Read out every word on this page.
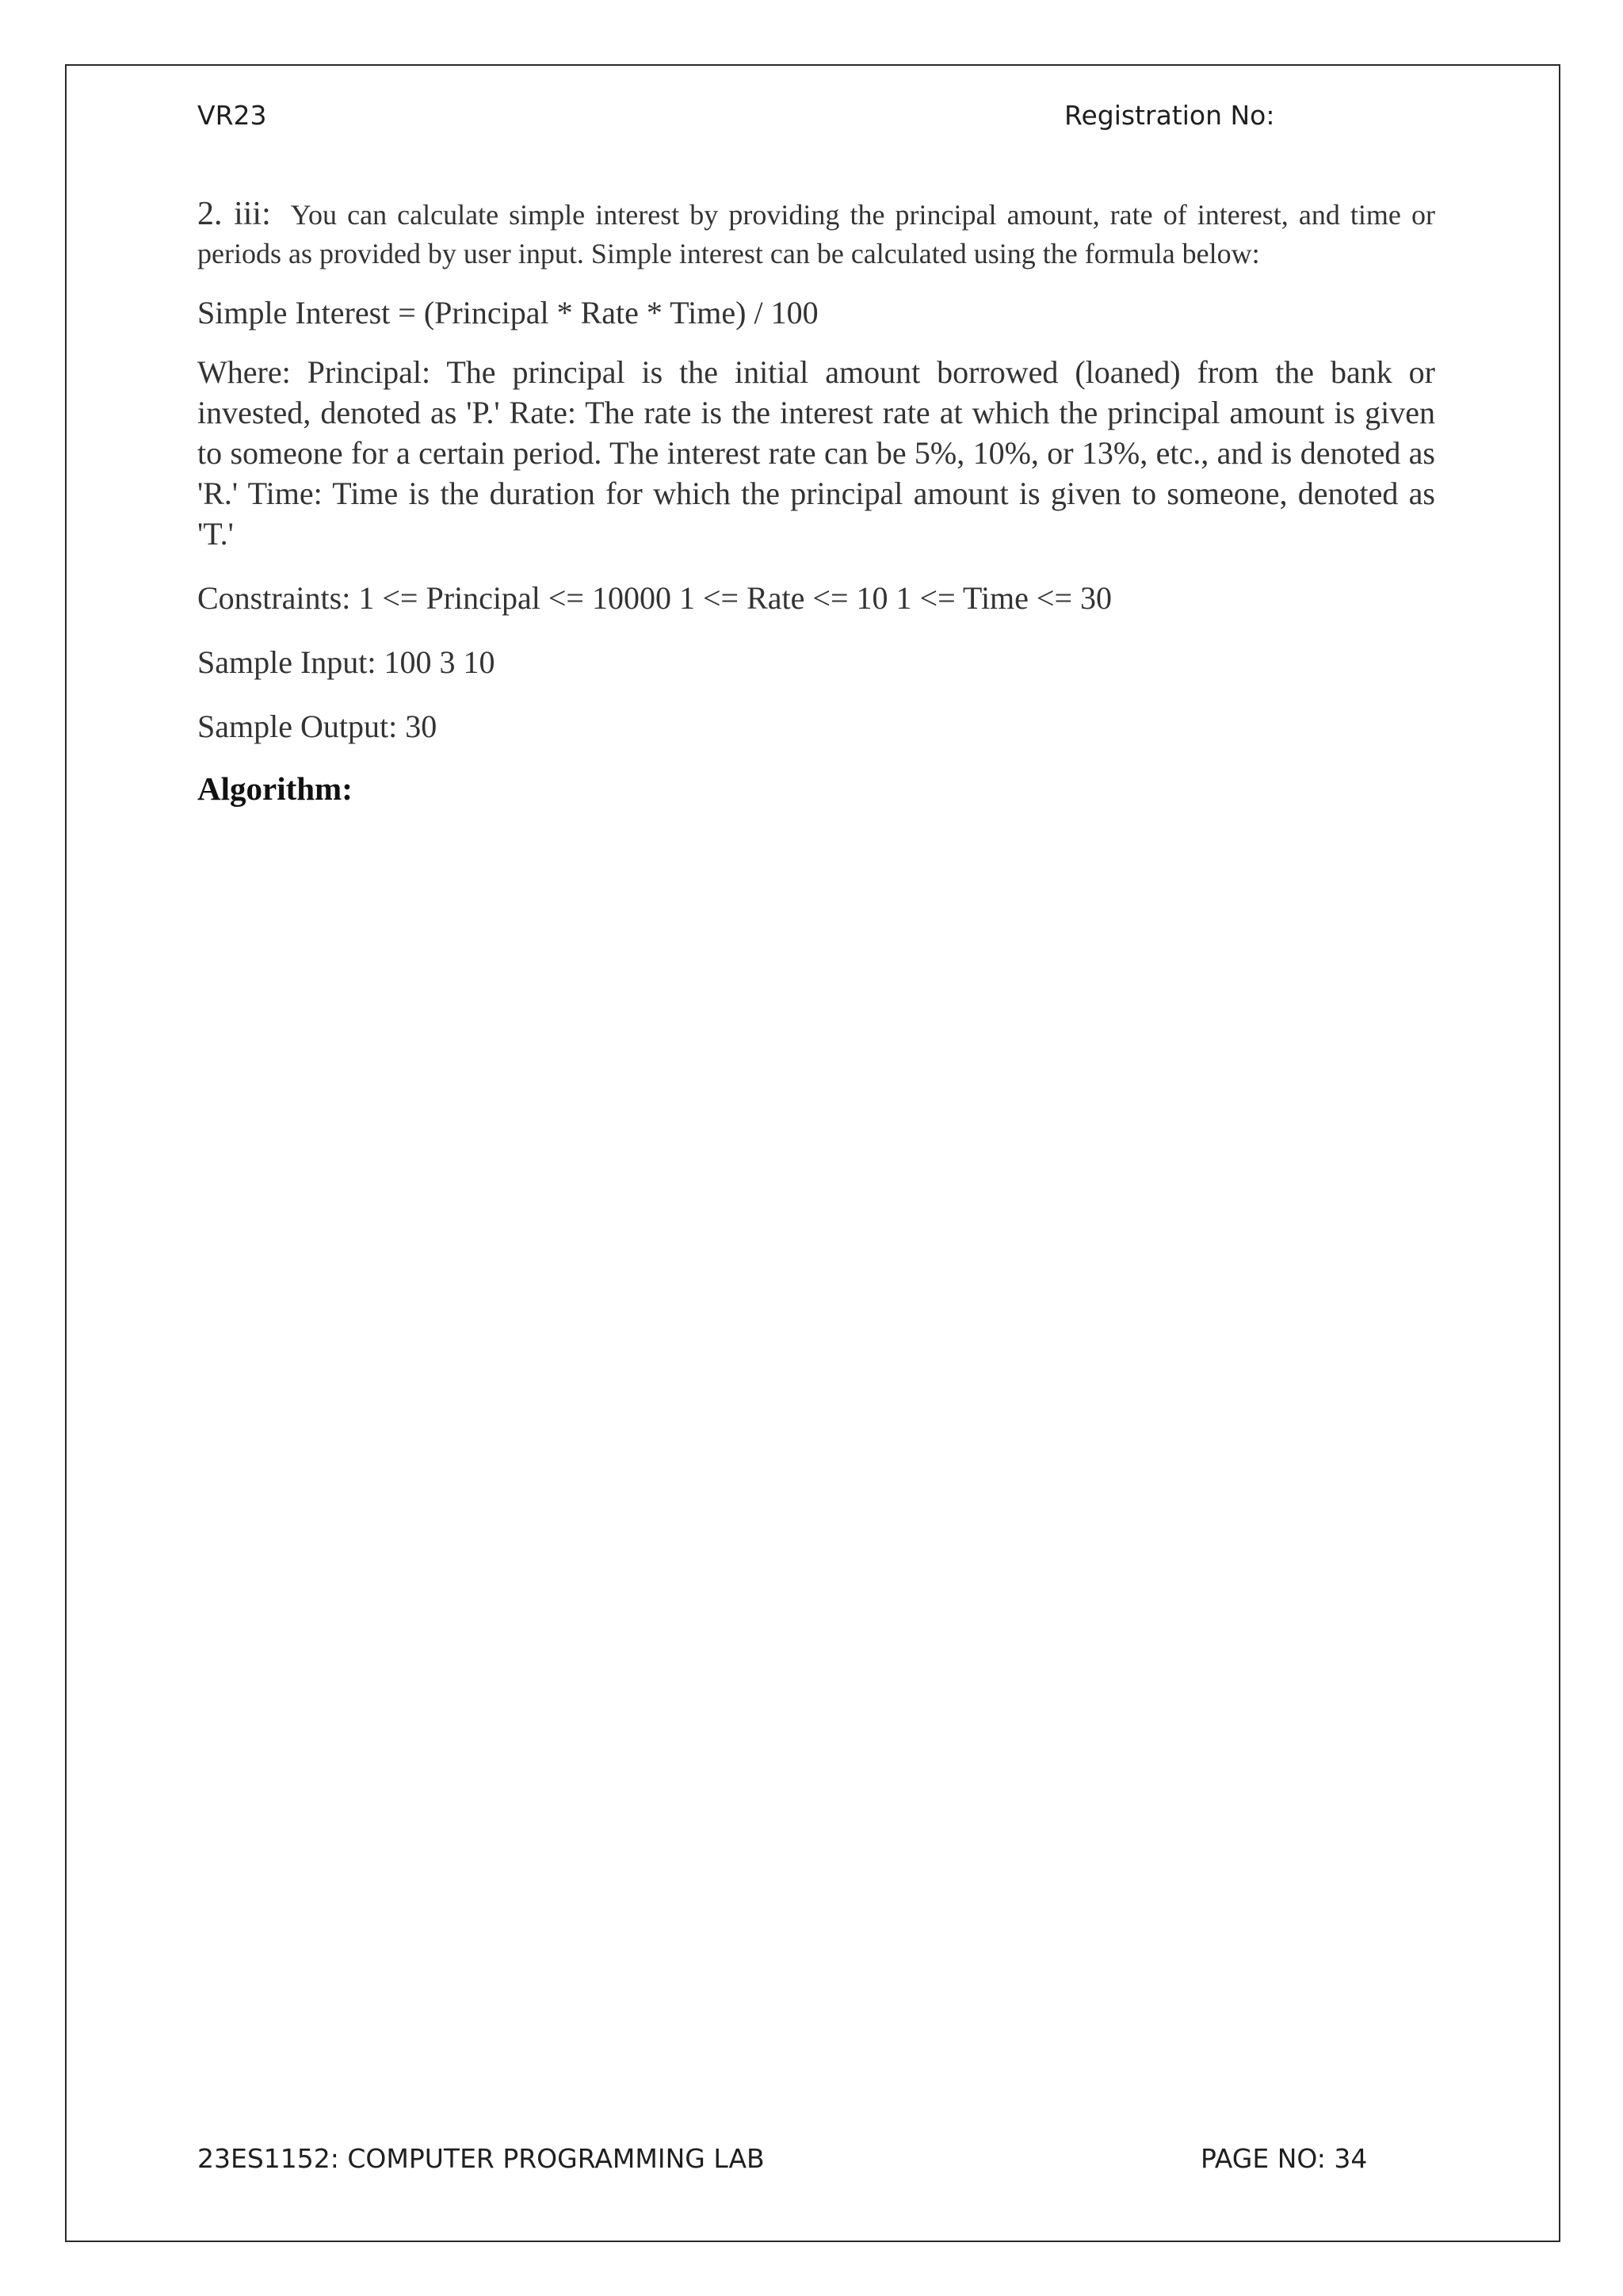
VR23	Registration No:

2. iii: You can calculate simple interest by providing the principal amount, rate of interest, and time or periods as provided by user input. Simple interest can be calculated using the formula below:

Simple Interest = (Principal * Rate * Time) / 100

Where: Principal: The principal is the initial amount borrowed (loaned) from the bank or invested, denoted as 'P.' Rate: The rate is the interest rate at which the principal amount is given to someone for a certain period. The interest rate can be 5%, 10%, or 13%, etc., and is denoted as 'R.' Time: Time is the duration for which the principal amount is given to someone, denoted as 'T.'

Constraints: 1 <= Principal <= 10000 1 <= Rate <= 10 1 <= Time <= 30

Sample Input: 100 3 10

Sample Output: 30

Algorithm:

23ES1152: COMPUTER PROGRAMMING LAB	PAGE NO: 34
